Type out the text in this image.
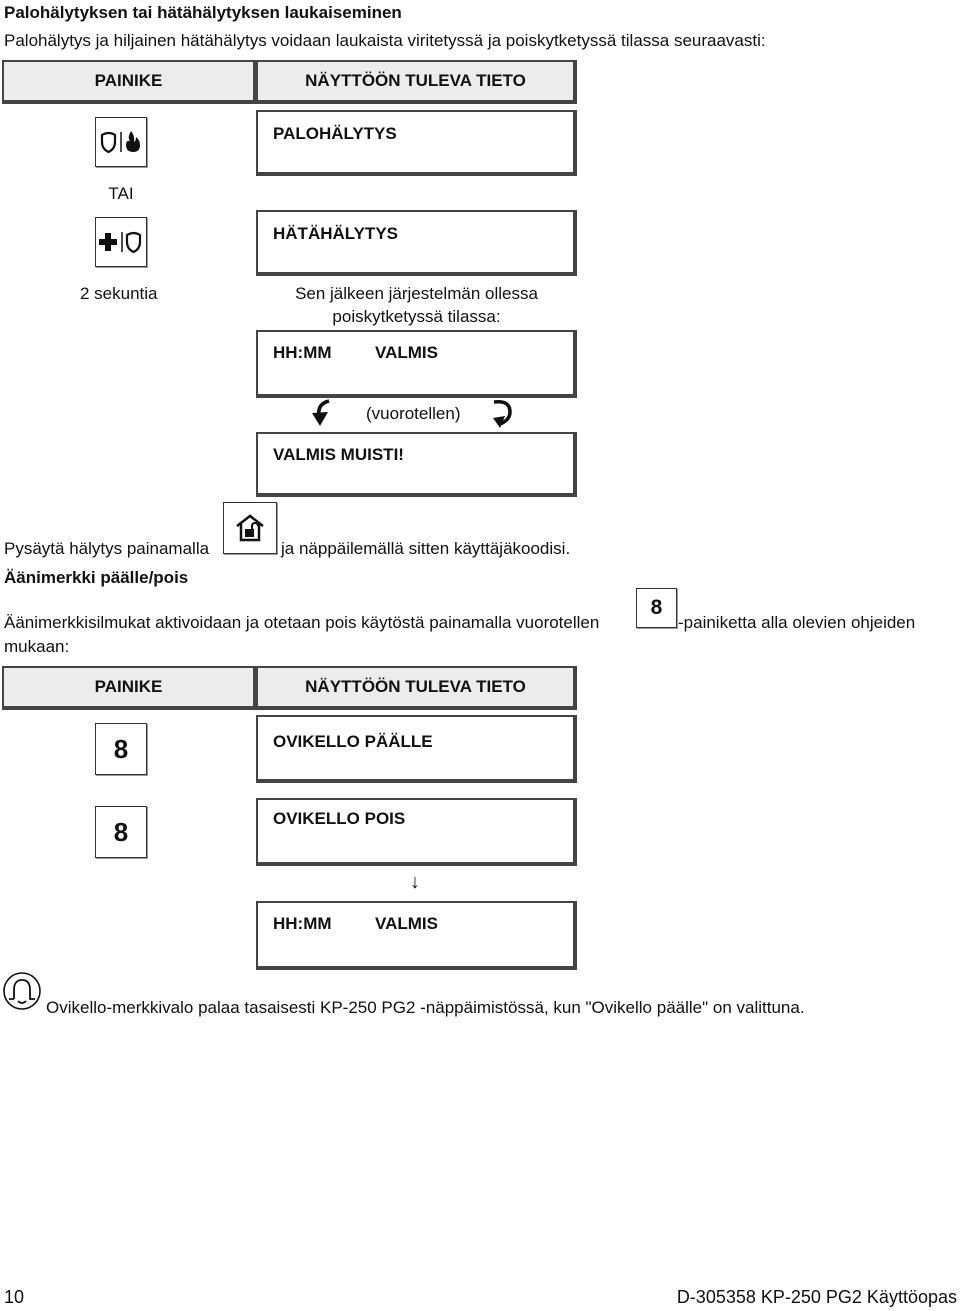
Palohälytyksen tai hätähälytyksen laukaiseminen
Palohälytys ja hiljainen hätähälytys voidaan laukaista viritetyssä ja poiskytketyssä tilassa seuraavasti:
PAINIKE	NÄYTTÖÖN TULEVA TIETO
PALOHÄLYTYS
TAI
HÄTÄHÄLYTYS
2 sekuntia	Sen jälkeen järjestelmän ollessa
poiskytketyssä tilassa:
HH:MM	VALMIS
(vuorotellen)
VALMIS MUISTI!
Pysäytä hälytys painamalla	ja näppäilemällä sitten käyttäjäkoodisi.
Äänimerkki päälle/pois
Äänimerkkisilmukat aktivoidaan ja otetaan pois käytöstä painamalla vuorotellen
8
-painiketta alla olevien ohjeiden
mukaan:
PAINIKE	NÄYTTÖÖN TULEVA TIETO
8	OVIKELLO PÄÄLLE
8	OVIKELLO POIS
↓
HH:MM	VALMIS
Ovikello-merkkivalo palaa tasaisesti KP-250 PG2 -näppäimistössä, kun "Ovikello päälle" on valittuna.
10	D-305358 KP-250 PG2 Käyttöopas
